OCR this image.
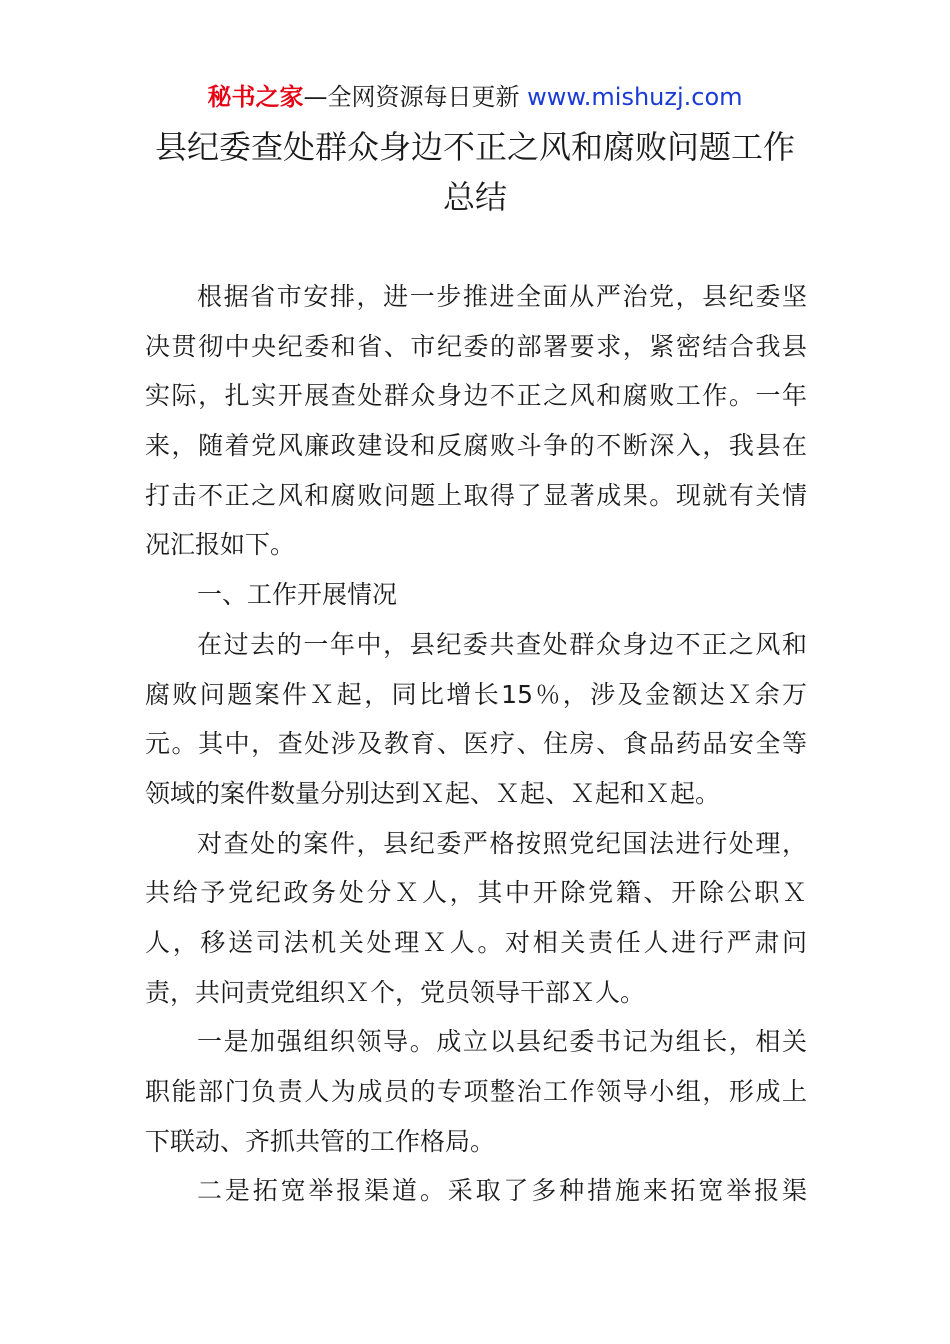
秘书之家—全网资源每日更新 www.mishuzj.com
县纪委查处群众身边不正之风和腐败问题工作
总结
根据省市安排，进一步推进全面从严治党，县纪委坚
决贯彻中央纪委和省、市纪委的部署要求，紧密结合我县
实际，扎实开展查处群众身边不正之风和腐败工作。一年
来，随着党风廉政建设和反腐败斗争的不断深入，我县在
打击不正之风和腐败问题上取得了显著成果。现就有关情
况汇报如下。
一、工作开展情况
在过去的一年中，县纪委共查处群众身边不正之风和
腐败问题案件Ｘ起，同比增长15％，涉及金额达Ｘ余万
元。其中，查处涉及教育、医疗、住房、食品药品安全等
领域的案件数量分别达到Ｘ起、Ｘ起、Ｘ起和Ｘ起。
对查处的案件，县纪委严格按照党纪国法进行处理，
共给予党纪政务处分Ｘ人，其中开除党籍、开除公职Ｘ
人，移送司法机关处理Ｘ人。对相关责任人进行严肃问
责，共问责党组织Ｘ个，党员领导干部Ｘ人。
一是加强组织领导。成立以县纪委书记为组长，相关
职能部门负责人为成员的专项整治工作领导小组，形成上
下联动、齐抓共管的工作格局。
二是拓宽举报渠道。采取了多种措施来拓宽举报渠
